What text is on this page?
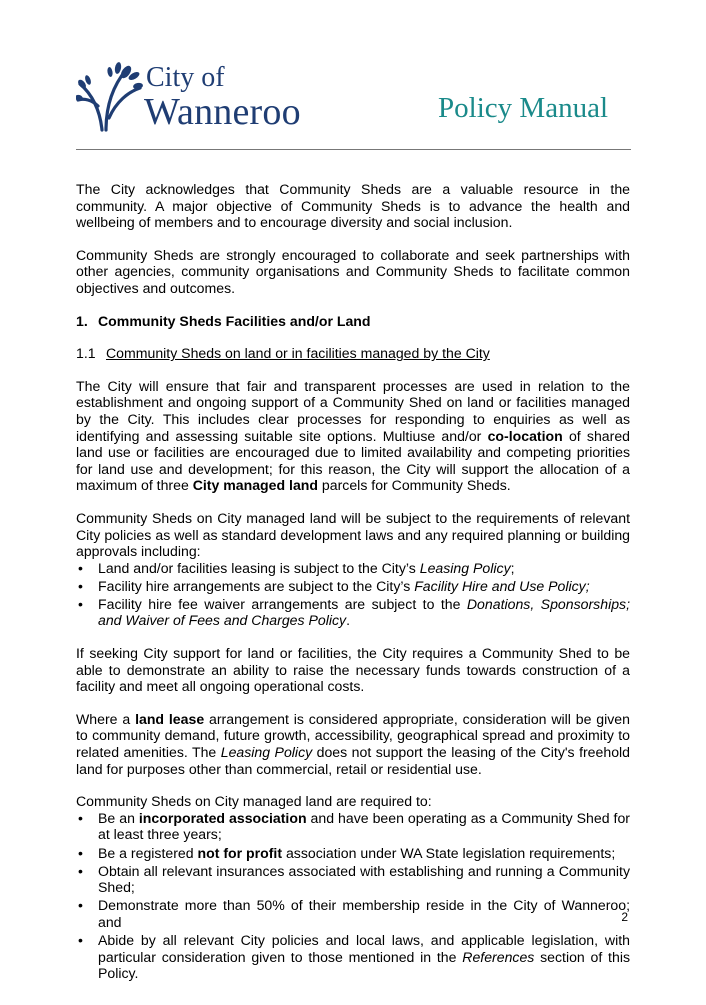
City of
Wanneroo	Policy Manual

The City acknowledges that Community Sheds are a valuable resource in the community. A major objective of Community Sheds is to advance the health and wellbeing of members and to encourage diversity and social inclusion.

Community Sheds are strongly encouraged to collaborate and seek partnerships with other agencies, community organisations and Community Sheds to facilitate common objectives and outcomes.

1. Community Sheds Facilities and/or Land
1.1 Community Sheds on land or in facilities managed by the City

The City will ensure that fair and transparent processes are used in relation to the establishment and ongoing support of a Community Shed on land or facilities managed by the City. This includes clear processes for responding to enquiries as well as identifying and assessing suitable site options. Multiuse and/or co-location of shared land use or facilities are encouraged due to limited availability and competing priorities for land use and development; for this reason, the City will support the allocation of a maximum of three City managed land parcels for Community Sheds.

Community Sheds on City managed land will be subject to the requirements of relevant City policies as well as standard development laws and any required planning or building approvals including:

• Land and/or facilities leasing is subject to the City’s Leasing Policy;
• Facility hire arrangements are subject to the City’s Facility Hire and Use Policy;
• Facility hire fee waiver arrangements are subject to the Donations, Sponsorships; and Waiver of Fees and Charges Policy.

If seeking City support for land or facilities, the City requires a Community Shed to be able to demonstrate an ability to raise the necessary funds towards construction of a facility and meet all ongoing operational costs.

Where a land lease arrangement is considered appropriate, consideration will be given to community demand, future growth, accessibility, geographical spread and proximity to related amenities. The Leasing Policy does not support the leasing of the City's freehold land for purposes other than commercial, retail or residential use.

Community Sheds on City managed land are required to:

• Be an incorporated association and have been operating as a Community Shed for at least three years;
• Be a registered not for profit association under WA State legislation requirements;
• Obtain all relevant insurances associated with establishing and running a Community Shed;
• Demonstrate more than 50% of their membership reside in the City of Wanneroo; and
• Abide by all relevant City policies and local laws, and applicable legislation, with particular consideration given to those mentioned in the References section of this Policy.
2
